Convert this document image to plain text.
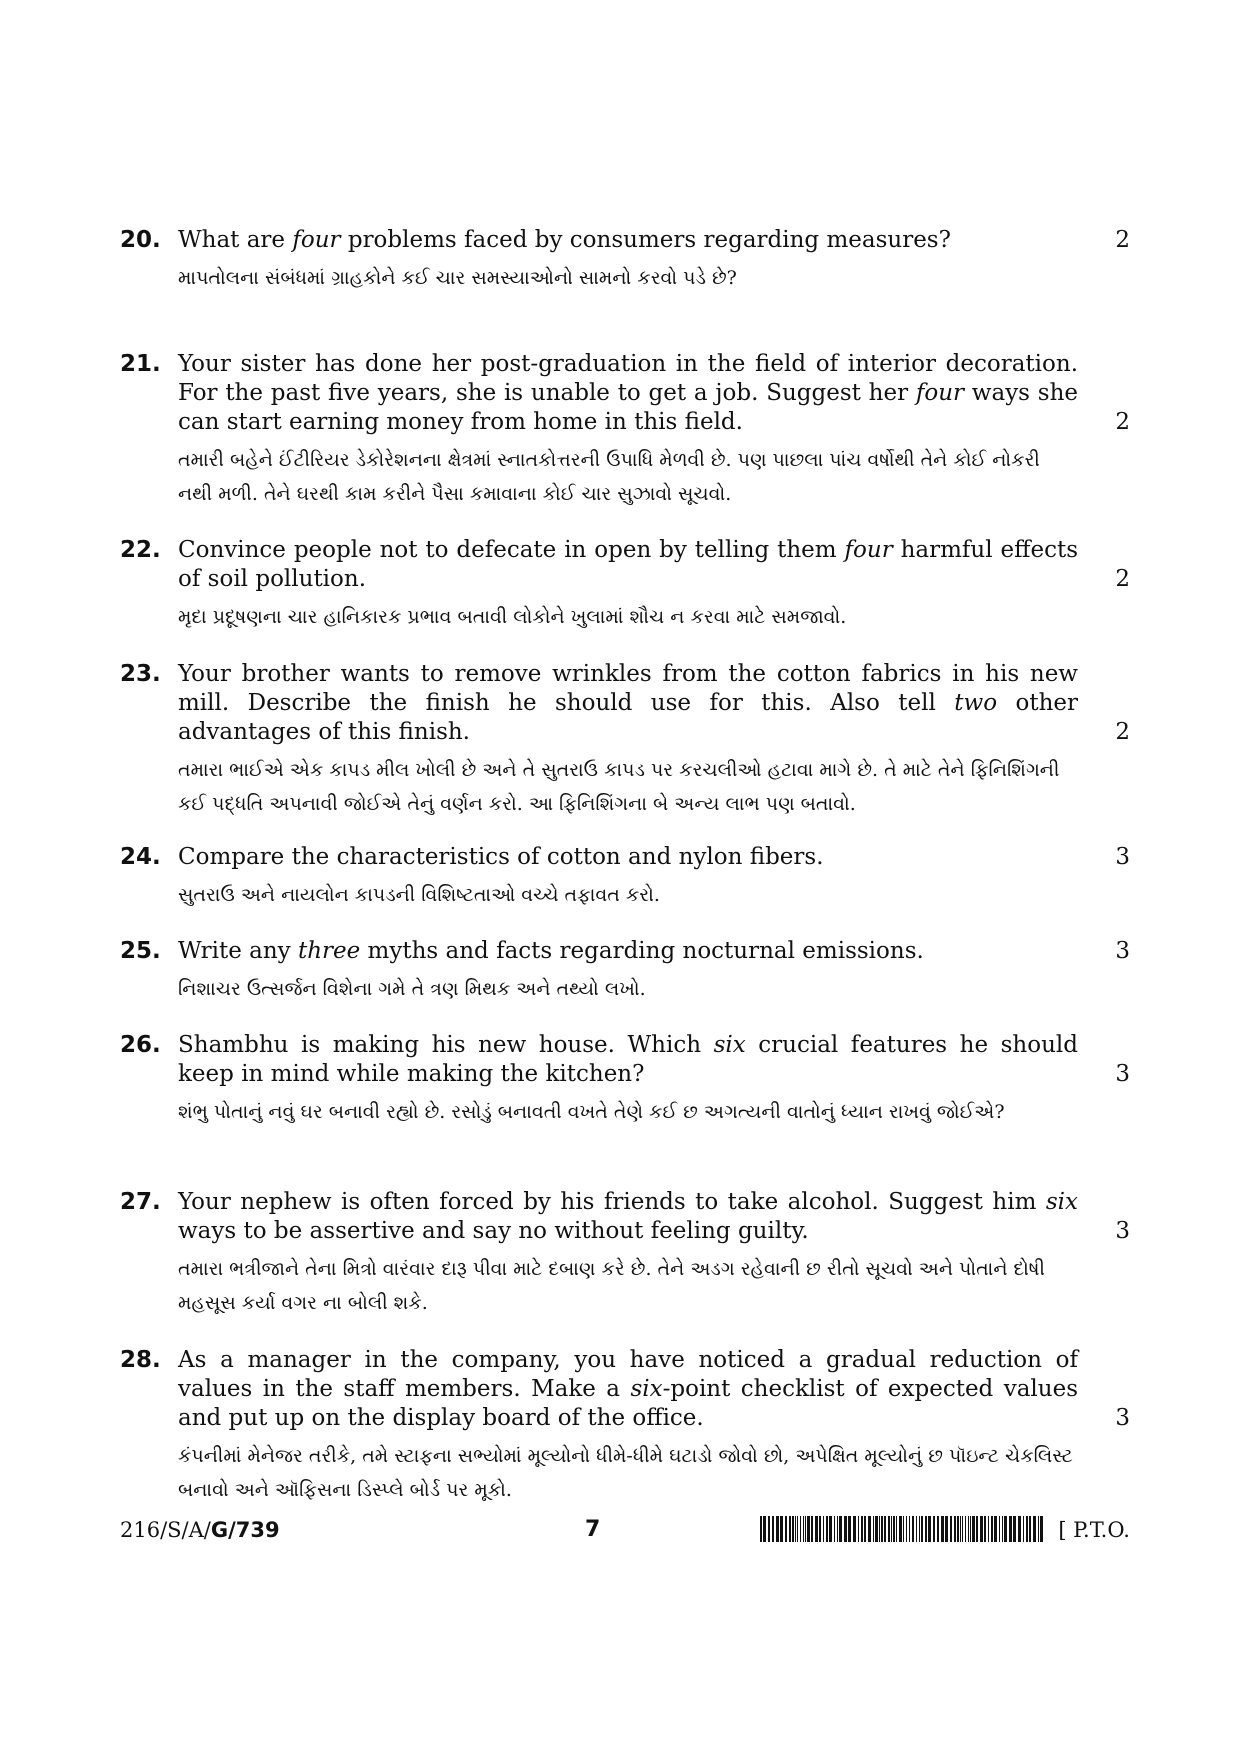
20. What are four problems faced by consumers regarding measures?	2
માપતોલના સંબંધમાં ગ્રાહકોને કઈ ચાર સમસ્યાઓનો સામનો કરવો પડે છે?
21. Your sister has done her post-graduation in the field of interior decoration. For the past five years, she is unable to get a job. Suggest her four ways she can start earning money from home in this field.	2
તમારી બહેને ઈંટીરિયર ડેકોરેશનના ક્ષેત્રમાં સ્નાતકોત્તરની ઉપાધિ મેળવી છે. પણ પાછલા પાંચ વર્ષોથી તેને કોઈ નોકરી નથી મળી. તેને ઘરથી કામ કરીને પૈસા કમાવાના કોઈ ચાર સુઝાવો સૂચવો.
22. Convince people not to defecate in open by telling them four harmful effects of soil pollution.	2
મૃદા પ્રદૂષણના ચાર હાનિકારક પ્રભાવ બતાવી લોકોને ખુલામાં શૌચ ન કરવા માટે સમજાવો.
23. Your brother wants to remove wrinkles from the cotton fabrics in his new mill. Describe the finish he should use for this. Also tell two other advantages of this finish.	2
તમારા ભાઈએ એક કાપડ મીલ ખોલી છે અને તે સુતરાઉ કાપડ પર કરચલીઓ હટાવા માગે છે. તે માટે તેને ફિનિશિંગની કઈ પદ્ધતિ અપનાવી જોઈએ તેનું વર્ણન કરો. આ ફિનિશિંગના બે અન્ય લાભ પણ બતાવો.
24. Compare the characteristics of cotton and nylon fibers.	3
સુતરાઉ અને નાયલોન કાપડની વિશિષ્ટતાઓ વચ્ચે તફાવત કરો.
25. Write any three myths and facts regarding nocturnal emissions.	3
નિશાચર ઉત્સર્જન વિશેના ગમે તે ત્રણ મિથક અને તથ્યો લખો.
26. Shambhu is making his new house. Which six crucial features he should keep in mind while making the kitchen?	3
શંભુ પોતાનું નવું ઘર બનાવી રહ્યો છે. રસોડું બનાવતી વખતે તેણે કઈ છ અગત્યની વાતોનું ધ્યાન રાખવું જોઈએ?
27. Your nephew is often forced by his friends to take alcohol. Suggest him six ways to be assertive and say no without feeling guilty.	3
તમારા ભત્રીજાને તેના મિત્રો વારંવાર દારૂ પીવા માટે દબાણ કરે છે. તેને અડગ રહેવાની છ રીતો સૂચવો અને પોતાને દોષી મહસૂસ કર્યા વગર ના બોલી શકે.
28. As a manager in the company, you have noticed a gradual reduction of values in the staff members. Make a six-point checklist of expected values and put up on the display board of the office.	3
કંપનીમાં મેનેજર તરીકે, તમે સ્ટાફના સભ્યોમાં મૂલ્યોનો ધીમે-ધીમે ઘટાડો જોવો છો, અપેક્ષિત મૂલ્યોનું છ પૉઇન્ટ ચેકલિસ્ટ બનાવો અને ઑફિસના ડિસ્પ્લે બોર્ડ પર મૂકો.
216/S/A/G/739	7	[ P.T.O.
